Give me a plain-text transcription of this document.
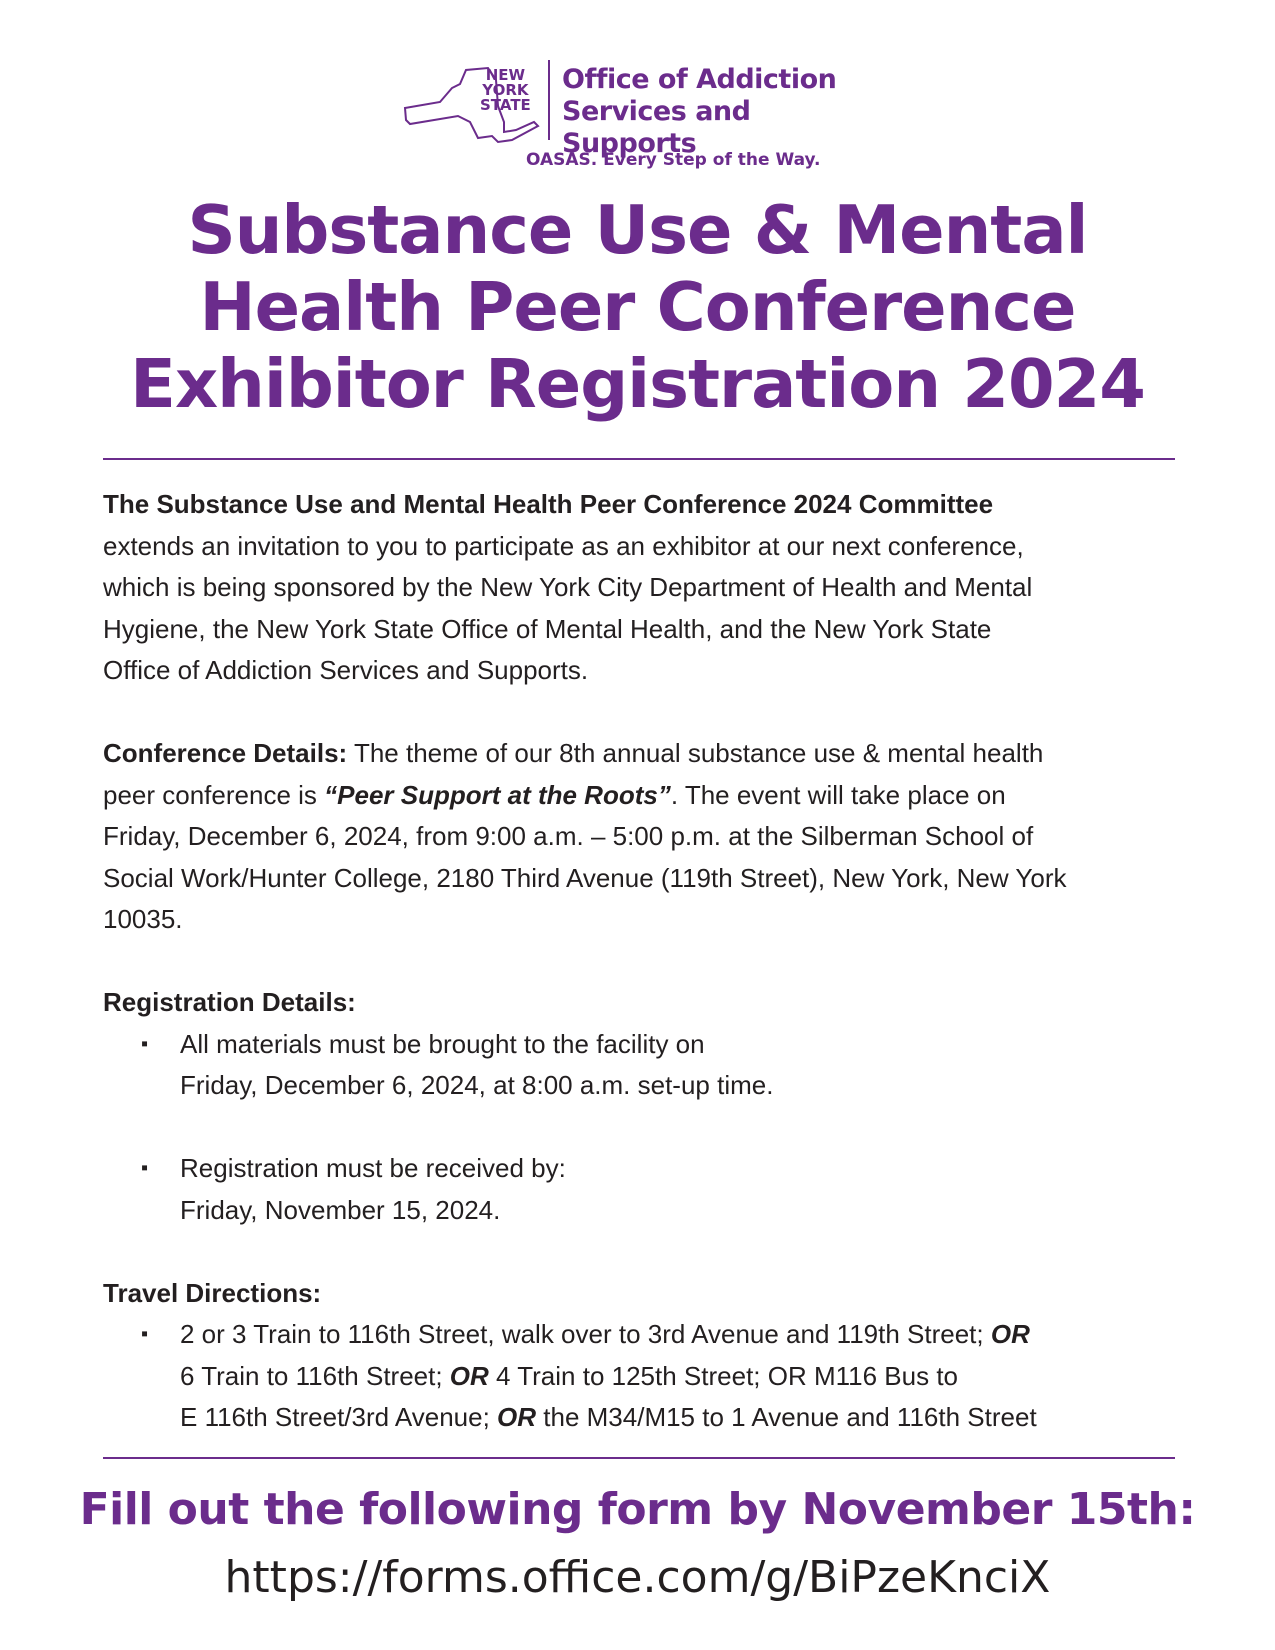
NEW
YORK
STATE
Office of Addiction
Services and Supports
OASAS. Every Step of the Way.
Substance Use & Mental
Health Peer Conference
Exhibitor Registration 2024

The Substance Use and Mental Health Peer Conference 2024 Committee
extends an invitation to you to participate as an exhibitor at our next conference,
which is being sponsored by the New York City Department of Health and Mental
Hygiene, the New York State Office of Mental Health, and the New York State
Office of Addiction Services and Supports.

Conference Details: The theme of our 8th annual substance use & mental health
peer conference is “Peer Support at the Roots”. The event will take place on
Friday, December 6, 2024, from 9:00 a.m. – 5:00 p.m. at the Silberman School of
Social Work/Hunter College, 2180 Third Avenue (119th Street), New York, New York
10035.

Registration Details:

▪ All materials must be brought to the facility on
Friday, December 6, 2024, at 8:00 a.m. set-up time.
▪ Registration must be received by:
Friday, November 15, 2024.

Travel Directions:

▪ 2 or 3 Train to 116th Street, walk over to 3rd Avenue and 119th Street; OR
6 Train to 116th Street; OR 4 Train to 125th Street; OR M116 Bus to
E 116th Street/3rd Avenue; OR the M34/M15 to 1 Avenue and 116th Street
Fill out the following form by November 15th:
https://forms.office.com/g/BiPzeKnciX
